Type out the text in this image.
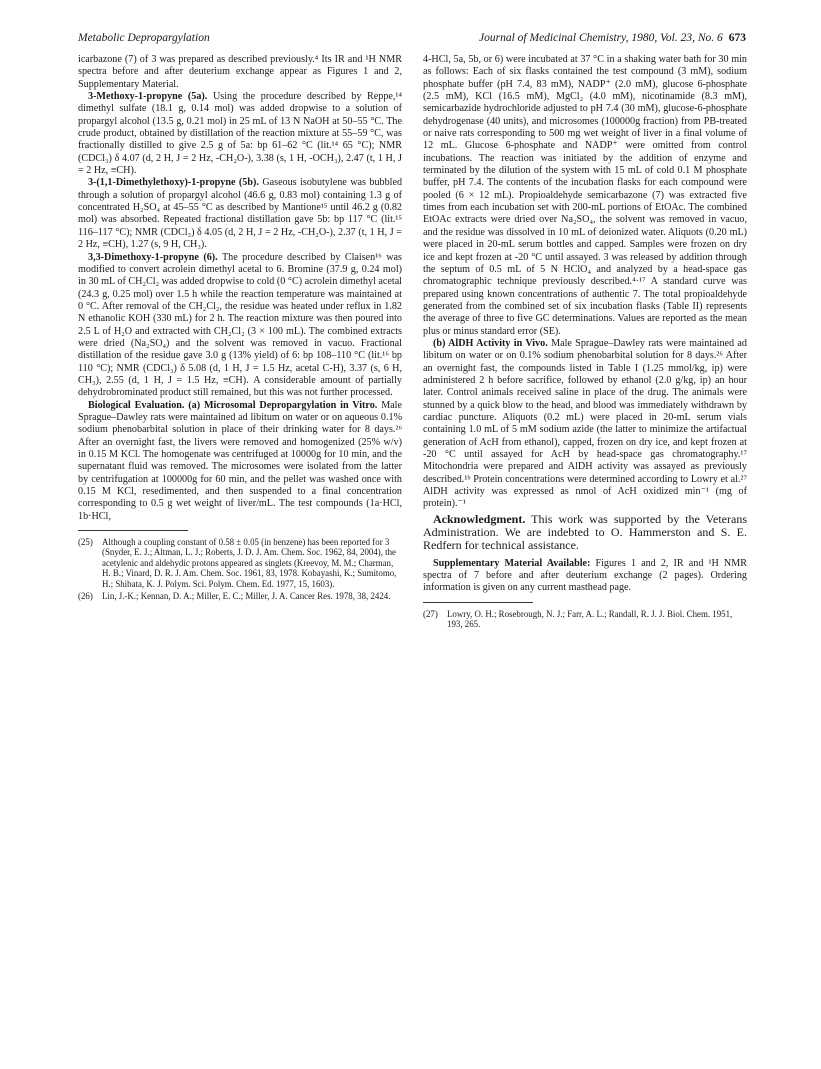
Metabolic Depropargylation	Journal of Medicinal Chemistry, 1980, Vol. 23, No. 6 673

icarbazone (7) of 3 was prepared as described previously.⁴ Its IR and ¹H NMR spectra before and after deuterium exchange appear as Figures 1 and 2, Supplementary Material.

3-Methoxy-1-propyne (5a). Using the procedure described by Reppe,¹⁴ dimethyl sulfate (18.1 g, 0.14 mol) was added dropwise to a solution of propargyl alcohol (13.5 g, 0.21 mol) in 25 mL of 13 N NaOH at 50–55 °C. The crude product, obtained by distillation of the reaction mixture at 55–59 °C, was fractionally distilled to give 2.5 g of 5a: bp 61–62 °C (lit.¹⁴ 65 °C); NMR (CDCl₃) δ 4.07 (d, 2 H, J = 2 Hz, -CH₂O-), 3.38 (s, 1 H, -OCH₃), 2.47 (t, 1 H, J = 2 Hz, ≡CH).

3-(1,1-Dimethylethoxy)-1-propyne (5b). Gaseous isobutylene was bubbled through a solution of propargyl alcohol (46.6 g, 0.83 mol) containing 1.3 g of concentrated H₂SO₄ at 45–55 °C as described by Mantione¹⁵ until 46.2 g (0.82 mol) was absorbed. Repeated fractional distillation gave 5b: bp 117 °C (lit.¹⁵ 116–117 °C); NMR (CDCl₃) δ 4.05 (d, 2 H, J = 2 Hz, -CH₂O-), 2.37 (t, 1 H, J = 2 Hz, ≡CH), 1.27 (s, 9 H, CH₃).

3,3-Dimethoxy-1-propyne (6). The procedure described by Claisen¹⁶ was modified to convert acrolein dimethyl acetal to 6. Bromine (37.9 g, 0.24 mol) in 30 mL of CH₂Cl₂ was added dropwise to cold (0 °C) acrolein dimethyl acetal (24.3 g, 0.25 mol) over 1.5 h while the reaction temperature was maintained at 0 °C. After removal of the CH₂Cl₂, the residue was heated under reflux in 1.82 N ethanolic KOH (330 mL) for 2 h. The reaction mixture was then poured into 2.5 L of H₂O and extracted with CH₂Cl₂ (3 × 100 mL). The combined extracts were dried (Na₂SO₄) and the solvent was removed in vacuo. Fractional distillation of the residue gave 3.0 g (13% yield) of 6: bp 108–110 °C (lit.¹⁶ bp 110 °C); NMR (CDCl₃) δ 5.08 (d, 1 H, J = 1.5 Hz, acetal C-H), 3.37 (s, 6 H, CH₃), 2.55 (d, 1 H, J = 1.5 Hz, ≡CH). A considerable amount of partially dehydrobrominated product still remained, but this was not further processed.

Biological Evaluation. (a) Microsomal Depropargylation in Vitro. Male Sprague–Dawley rats were maintained ad libitum on water or on aqueous 0.1% sodium phenobarbital solution in place of their drinking water for 8 days.²⁶ After an overnight fast, the livers were removed and homogenized (25% w/v) in 0.15 M KCl. The homogenate was centrifuged at 10000g for 10 min, and the supernatant fluid was removed. The microsomes were isolated from the latter by centrifugation at 100000g for 60 min, and the pellet was washed once with 0.15 M KCl, resedimented, and then suspended to a final concentration corresponding to 0.5 g wet weight of liver/mL. The test compounds (1a·HCl, 1b·HCl,

(25) Although a coupling constant of 0.58 ± 0.05 (in benzene) has been reported for 3 (Snyder, E. J.; Altman, L. J.; Roberts, J. D. J. Am. Chem. Soc. 1962, 84, 2004), the acetylenic and aldehydic protons appeared as singlets (Kreevoy, M. M.; Charman, H. B.; Vinard, D. R. J. Am. Chem. Soc. 1961, 83, 1978. Kobayashi, K.; Sumitomo, H.; Shibata, K. J. Polym. Sci. Polym. Chem. Ed. 1977, 15, 1603).
(26) Lin, J.-K.; Kennan, D. A.; Miller, E. C.; Miller, J. A. Cancer Res. 1978, 38, 2424.

4-HCl, 5a, 5b, or 6) were incubated at 37 °C in a shaking water bath for 30 min as follows: Each of six flasks contained the test compound (3 mM), sodium phosphate buffer (pH 7.4, 83 mM), NADP⁺ (2.0 mM), glucose 6-phosphate (2.5 mM), KCl (16.5 mM), MgCl₂ (4.0 mM), nicotinamide (8.3 mM), semicarbazide hydrochloride adjusted to pH 7.4 (30 mM), glucose-6-phosphate dehydrogenase (40 units), and microsomes (100000g fraction) from PB-treated or naive rats corresponding to 500 mg wet weight of liver in a final volume of 12 mL. Glucose 6-phosphate and NADP⁺ were omitted from control incubations. The reaction was initiated by the addition of enzyme and terminated by the dilution of the system with 15 mL of cold 0.1 M phosphate buffer, pH 7.4. The contents of the incubation flasks for each compound were pooled (6 × 12 mL). Propioaldehyde semicarbazone (7) was extracted five times from each incubation set with 200-mL portions of EtOAc. The combined EtOAc extracts were dried over Na₂SO₄, the solvent was removed in vacuo, and the residue was dissolved in 10 mL of deionized water. Aliquots (0.20 mL) were placed in 20-mL serum bottles and capped. Samples were frozen on dry ice and kept frozen at -20 °C until assayed. 3 was released by addition through the septum of 0.5 mL of 5 N HClO₄ and analyzed by a head-space gas chromatographic technique previously described.⁴·¹⁷ A standard curve was prepared using known concentrations of authentic 7. The total propioaldehyde generated from the combined set of six incubation flasks (Table II) represents the average of three to five GC determinations. Values are reported as the mean plus or minus standard error (SE).

(b) AlDH Activity in Vivo. Male Sprague–Dawley rats were maintained ad libitum on water or on 0.1% sodium phenobarbital solution for 8 days.²⁶ After an overnight fast, the compounds listed in Table I (1.25 mmol/kg, ip) were administered 2 h before sacrifice, followed by ethanol (2.0 g/kg, ip) an hour later. Control animals received saline in place of the drug. The animals were stunned by a quick blow to the head, and blood was immediately withdrawn by cardiac puncture. Aliquots (0.2 mL) were placed in 20-mL serum vials containing 1.0 mL of 5 mM sodium azide (the latter to minimize the artifactual generation of AcH from ethanol), capped, frozen on dry ice, and kept frozen at -20 °C until assayed for AcH by head-space gas chromatography.¹⁷ Mitochondria were prepared and AlDH activity was assayed as previously described.¹ᵇ Protein concentrations were determined according to Lowry et al.²⁷ AlDH activity was expressed as nmol of AcH oxidized min⁻¹ (mg of protein).⁻¹

Acknowledgment. This work was supported by the Veterans Administration. We are indebted to O. Hammerston and S. E. Redfern for technical assistance.

Supplementary Material Available: Figures 1 and 2, IR and ¹H NMR spectra of 7 before and after deuterium exchange (2 pages). Ordering information is given on any current masthead page.

(27) Lowry, O. H.; Rosebrough, N. J.; Farr, A. L.; Randall, R. J. J. Biol. Chem. 1951, 193, 265.
